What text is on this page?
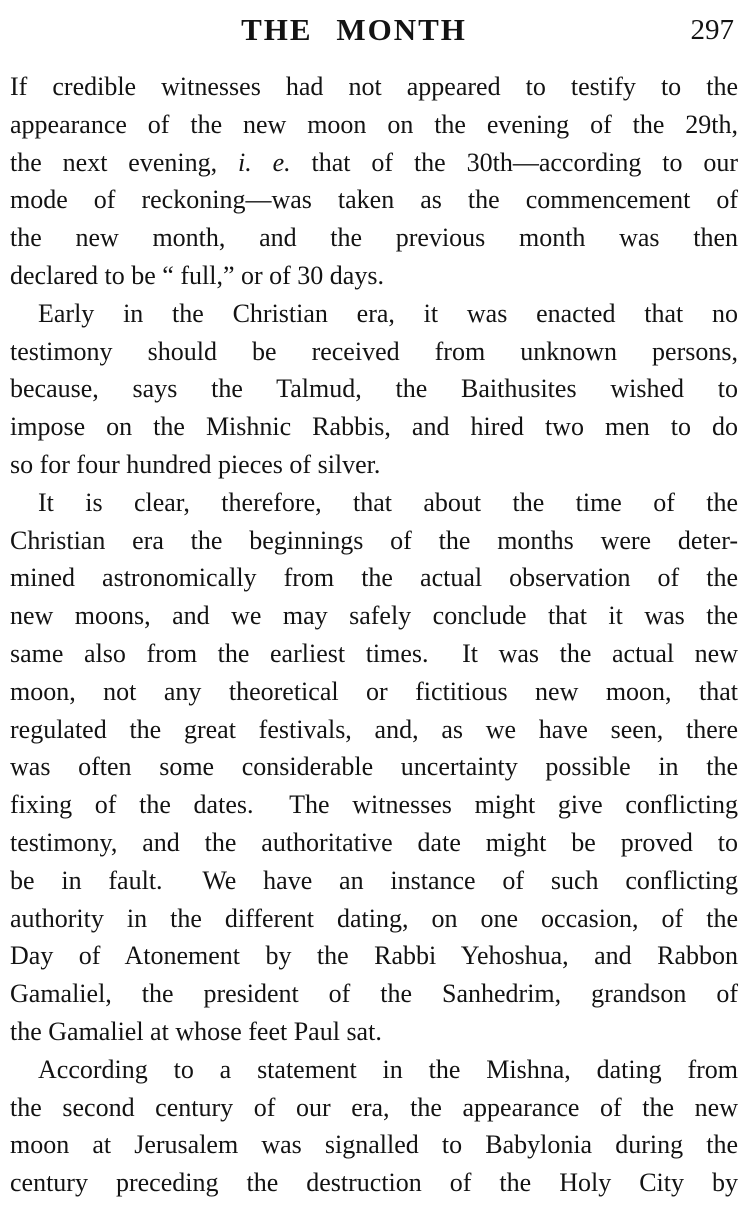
THE MONTH	297
If credible witnesses had not appeared to testify to the
appearance of the new moon on the evening of the 29th,
the next evening, i. e. that of the 30th—according to our
mode of reckoning—was taken as the commencement of
the new month, and the previous month was then
declared to be “ full,” or of 30 days.
Early in the Christian era, it was enacted that no
testimony should be received from unknown persons,
because, says the Talmud, the Baithusites wished to
impose on the Mishnic Rabbis, and hired two men to do
so for four hundred pieces of silver.
It is clear, therefore, that about the time of the
Christian era the beginnings of the months were deter-
mined astronomically from the actual observation of the
new moons, and we may safely conclude that it was the
same also from the earliest times.  It was the actual new
moon, not any theoretical or fictitious new moon, that
regulated the great festivals, and, as we have seen, there
was often some considerable uncertainty possible in the
fixing of the dates.  The witnesses might give conflicting
testimony, and the authoritative date might be proved to
be in fault.  We have an instance of such conflicting
authority in the different dating, on one occasion, of the
Day of Atonement by the Rabbi Yehoshua, and Rabbon
Gamaliel, the president of the Sanhedrim, grandson of
the Gamaliel at whose feet Paul sat.
According to a statement in the Mishna, dating from
the second century of our era, the appearance of the new
moon at Jerusalem was signalled to Babylonia during the
century preceding the destruction of the Holy City by
